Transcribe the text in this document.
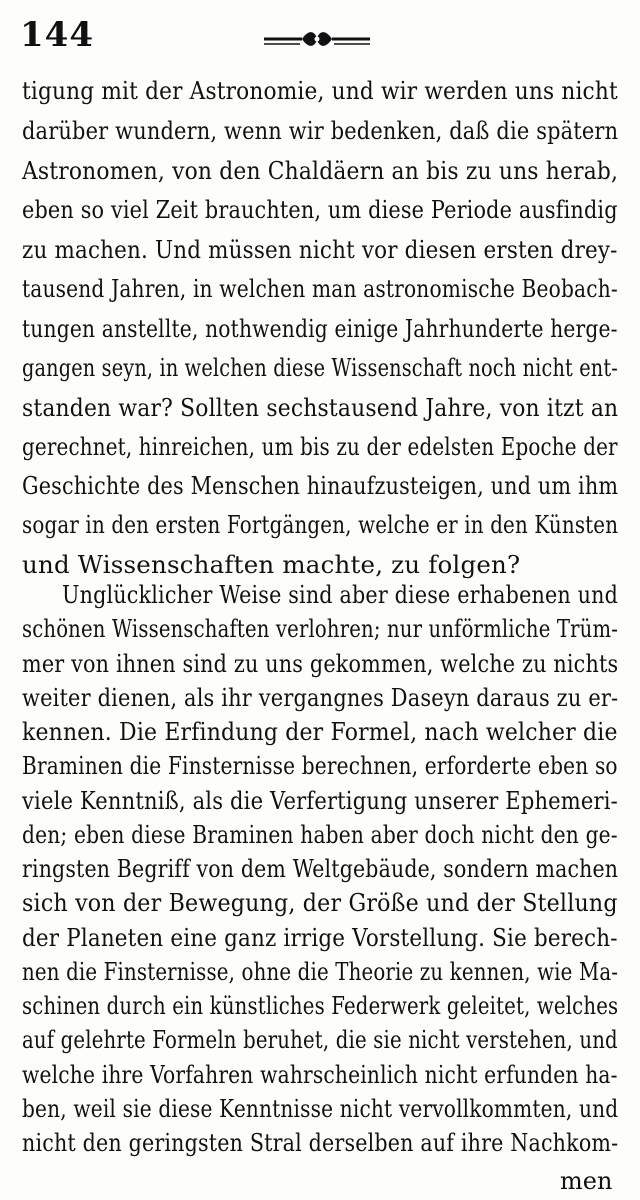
144
tigung mit der Astronomie, und wir werden uns nicht
darüber wundern, wenn wir bedenken, daß die spätern
Astronomen, von den Chaldäern an bis zu uns herab,
eben so viel Zeit brauchten, um diese Periode ausfindig
zu machen. Und müssen nicht vor diesen ersten drey-
tausend Jahren, in welchen man astronomische Beobach-
tungen anstellte, nothwendig einige Jahrhunderte herge-
gangen seyn, in welchen diese Wissenschaft noch nicht ent-
standen war? Sollten sechstausend Jahre, von itzt an
gerechnet, hinreichen, um bis zu der edelsten Epoche der
Geschichte des Menschen hinaufzusteigen, und um ihm
sogar in den ersten Fortgängen, welche er in den Künsten
und Wissenschaften machte, zu folgen?
Unglücklicher Weise sind aber diese erhabenen und
schönen Wissenschaften verlohren; nur unförmliche Trüm-
mer von ihnen sind zu uns gekommen, welche zu nichts
weiter dienen, als ihr vergangnes Daseyn daraus zu er-
kennen. Die Erfindung der Formel, nach welcher die
Braminen die Finsternisse berechnen, erforderte eben so
viele Kenntniß, als die Verfertigung unserer Ephemeri-
den; eben diese Braminen haben aber doch nicht den ge-
ringsten Begriff von dem Weltgebäude, sondern machen
sich von der Bewegung, der Größe und der Stellung
der Planeten eine ganz irrige Vorstellung. Sie berech-
nen die Finsternisse, ohne die Theorie zu kennen, wie Ma-
schinen durch ein künstliches Federwerk geleitet, welches
auf gelehrte Formeln beruhet, die sie nicht verstehen, und
welche ihre Vorfahren wahrscheinlich nicht erfunden ha-
ben, weil sie diese Kenntnisse nicht vervollkommten, und
nicht den geringsten Stral derselben auf ihre Nachkom-
men
